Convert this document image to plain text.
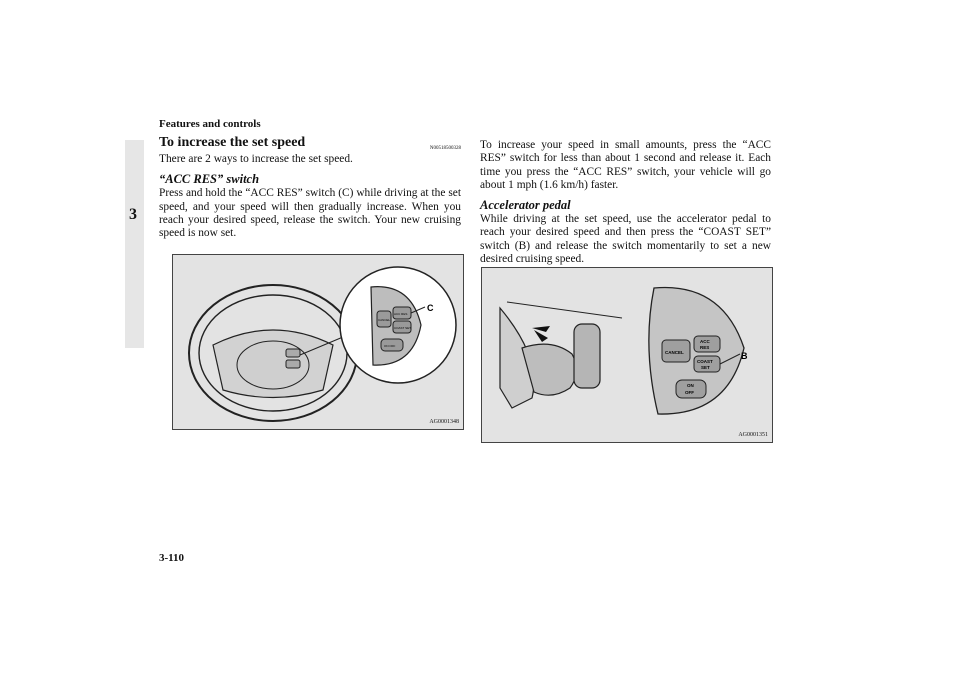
Features and controls
3
To increase the set speed	N00518500328

There are 2 ways to increase the set speed.

“ACC RES” switch

Press and hold the “ACC RES” switch (C) while driving at the set speed, and your speed will then gradually increase. When you reach your desired speed, release the switch. Your new cruising speed is now set.

To increase your speed in small amounts, press the “ACC RES” switch for less than about 1 second and release it. Each time you press the “ACC RES” switch, your vehicle will go about 1 mph (1.6 km/h) faster.

Accelerator pedal

While driving at the set speed, use the accelerator pedal to reach your desired speed and then press the “COAST SET” switch (B) and release the switch momentarily to set a new desired cruising speed.

CANCEL
ACC RES
COAST SET
ON OFF
C
AG0001348
CANCEL
ACC
RES
COAST
SET
ON
OFF
B
AG0001351
3-110
